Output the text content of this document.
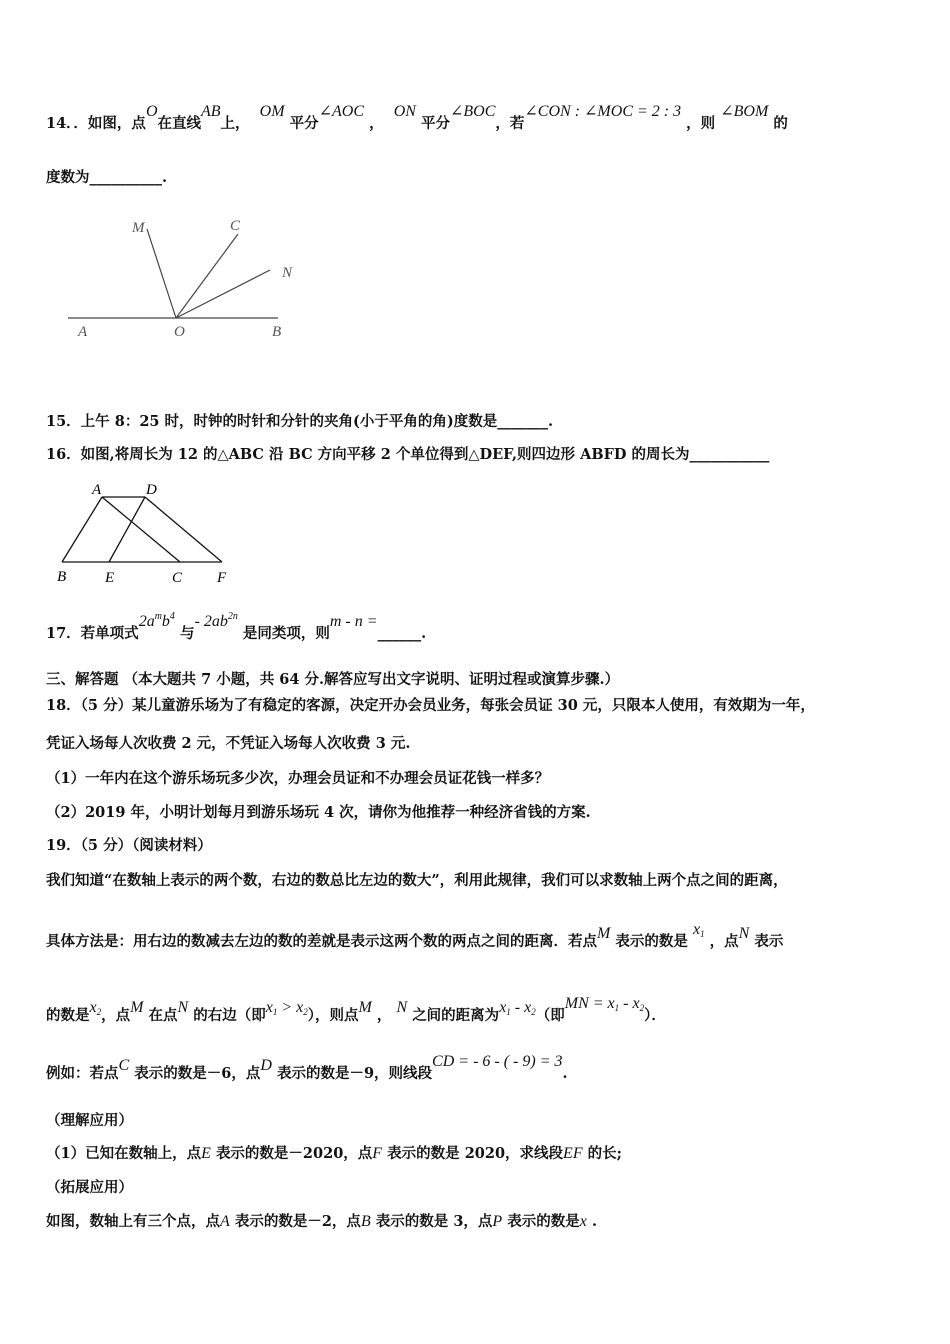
14．．如图，点O在直线AB上，  OM 平分∠AOC ，  ON 平分∠BOC，若∠CON : ∠MOC = 2 : 3 ，则 ∠BOM 的
度数为__________.
M	C
N
A	O	B
15．上午 8：25 时，时钟的时针和分针的夹角(小于平角的角)度数是_______.
16．如图,将周长为 12 的△ABC 沿 BC 方向平移 2 个单位得到△DEF,则四边形 ABFD 的周长为___________
A	D
B	E	C F
17．若单项式$2a^mb^4$ 与- $2ab^{2n}$ 是同类项，则m - n =______.
三、解答题 （本大题共 7 小题，共 64 分.解答应写出文字说明、证明过程或演算步骤.）
18．（5 分）某儿童游乐场为了有稳定的客源，决定开办会员业务，每张会员证 30 元，只限本人使用，有效期为一年，
凭证入场每人次收费 2 元，不凭证入场每人次收费 3 元.
（1）一年内在这个游乐场玩多少次，办理会员证和不办理会员证花钱一样多？
（2）2019 年，小明计划每月到游乐场玩 4 次，请你为他推荐一种经济省钱的方案.
19．（5 分）（阅读材料）
我们知道“在数轴上表示的两个数，右边的数总比左边的数大”，利用此规律，我们可以求数轴上两个点之间的距离，
具体方法是：用右边的数减去左边的数的差就是表示这两个数的两点之间的距离．若点M 表示的数是 x1 ，点N 表示
的数是x2，点M 在点N 的右边（即x1 > x2），则点M ， N 之间的距离为x1 - x2（即MN = x1 - x2）．
例如：若点C 表示的数是－6，点D 表示的数是－9，则线段CD = - 6 - ( - 9) = 3.
（理解应用）
（1）已知在数轴上，点E 表示的数是－2020，点F 表示的数是 2020，求线段EF 的长;
（拓展应用）
如图，数轴上有三个点，点A 表示的数是－2，点B 表示的数是 3，点P 表示的数是x .
